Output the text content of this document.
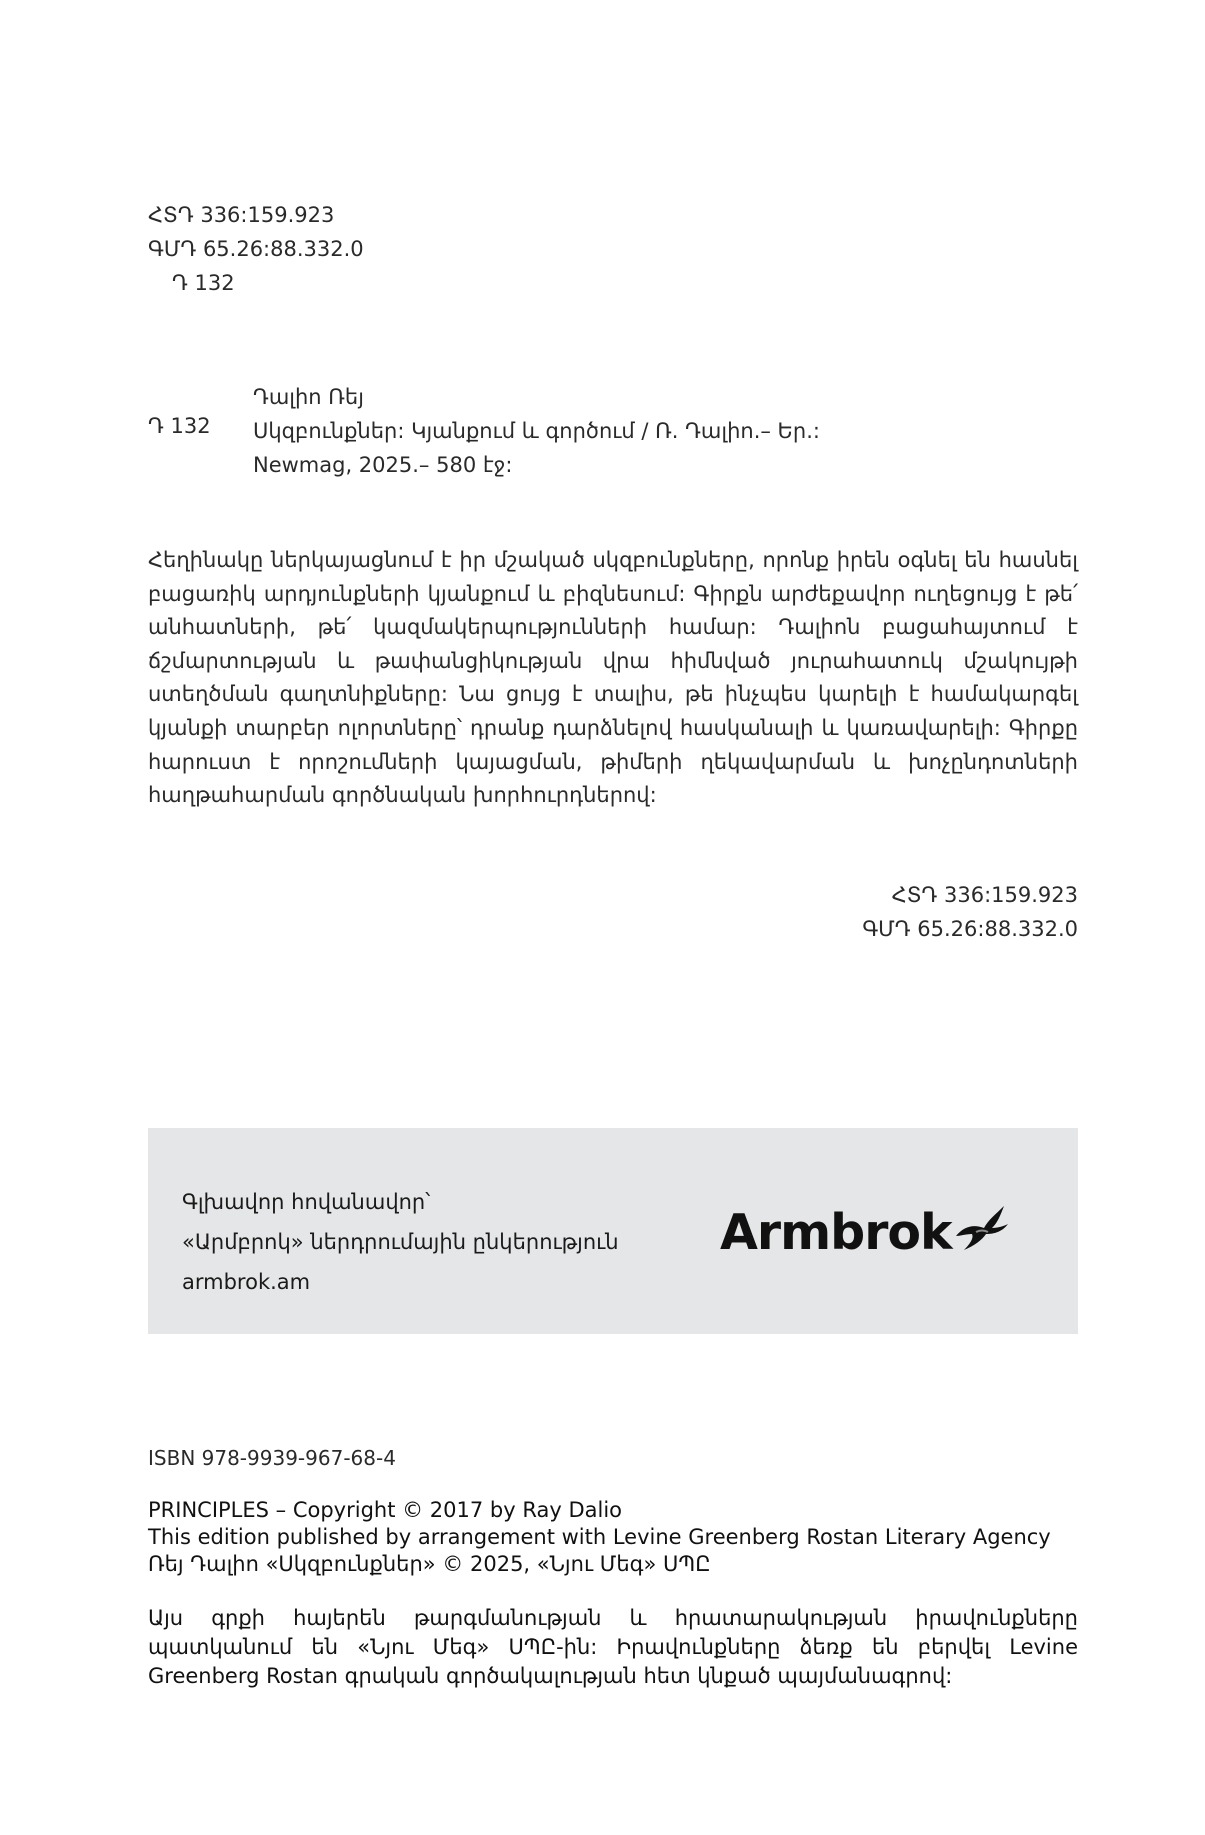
ՀՏԴ 336:159.923
ԳՄԴ 65.26:88.332.0
Դ 132
Դ 132
Դալիո Ռեյ
Սկզբունքներ: Կյանքում և գործում / Ռ. Դալիո.– Եր.:
Newmag, 2025.– 580 էջ:

Հեղինակը ներկայացնում է իր մշակած սկզբունքները, որոնք իրեն օգնել են հասնել բացառիկ արդյունքների կյանքում և բիզնեսում: Գիրքն արժեքավոր ուղեցույց է թե՛ անհատների, թե՛ կազմակերպությունների համար: Դալիոն բացահայտում է ճշմարտության և թափանցիկության վրա հիմնված յուրահատուկ մշակույթի ստեղծման գաղտնիքները: Նա ցույց է տալիս, թե ինչպես կարելի է համակարգել կյանքի տարբեր ոլորտները՝ դրանք դարձնելով հասկանալի և կառավարելի: Գիրքը հարուստ է որոշումների կայացման, թիմերի ղեկավարման և խոչընդոտների հաղթահարման գործնական խորհուրդներով:

ՀՏԴ 336:159.923
ԳՄԴ 65.26:88.332.0
Գլխավոր հովանավոր՝
«Արմբրոկ» ներդրումային ընկերություն
armbrok.am
Armbrok
ISBN 978-9939-967-68-4
PRINCIPLES – Copyright © 2017 by Ray Dalio
This edition published by arrangement with Levine Greenberg Rostan Literary Agency
Ռեյ Դալիո «Սկզբունքներ» © 2025, «Նյու Մեգ» ՍՊԸ

Այս գրքի հայերեն թարգմանության և հրատարակության իրավունքները պատկանում են «Նյու Մեգ» ՍՊԸ-ին: Իրավունքները ձեռք են բերվել Levine Greenberg Rostan գրական գործակալության հետ կնքած պայմանագրով:
